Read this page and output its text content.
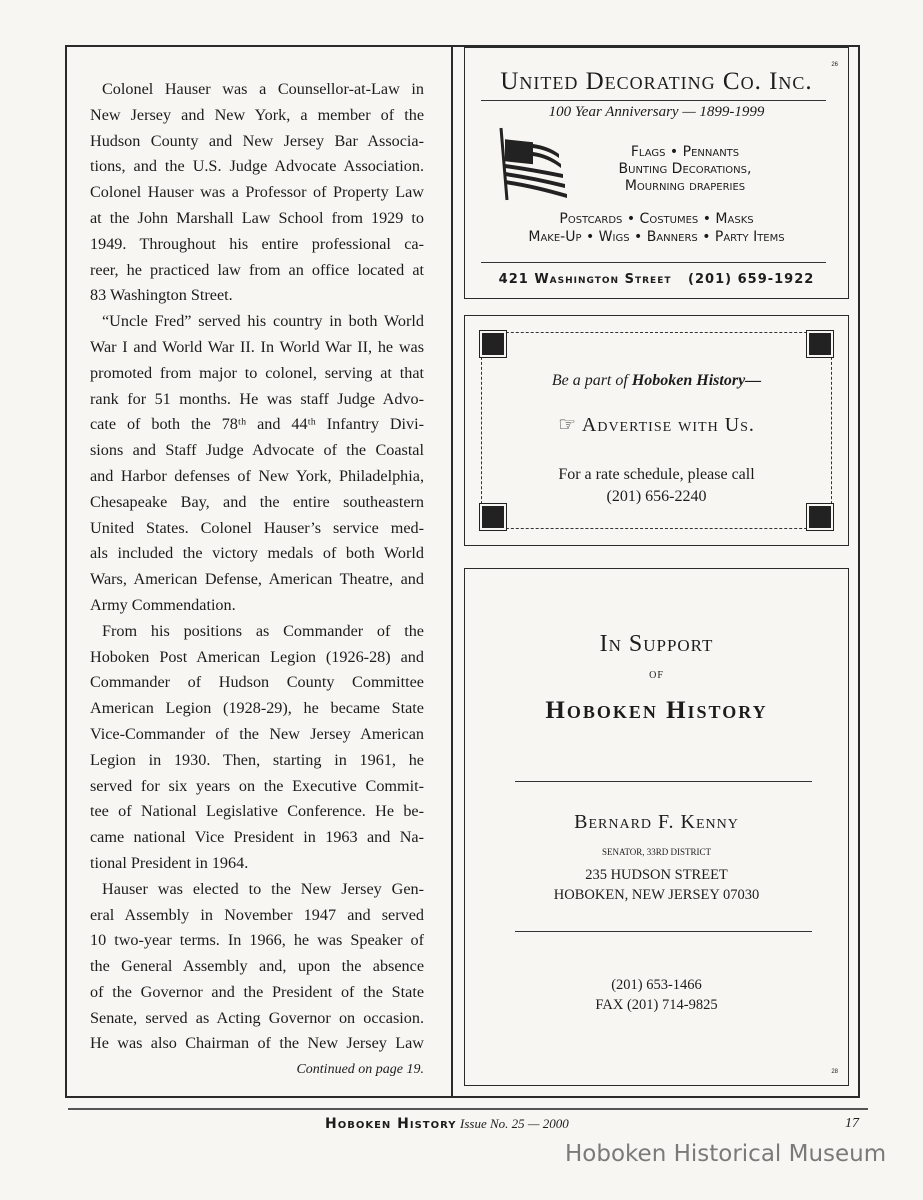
Colonel Hauser was a Counsellor-at-Law in
New Jersey and New York, a member of the
Hudson County and New Jersey Bar Associa-
tions, and the U.S. Judge Advocate Association.
Colonel Hauser was a Professor of Property Law
at the John Marshall Law School from 1929 to
1949. Throughout his entire professional ca-
reer, he practiced law from an office located at
83 Washington Street.
“Uncle Fred” served his country in both World
War I and World War II. In World War II, he was
promoted from major to colonel, serving at that
rank for 51 months. He was staff Judge Advo-
cate of both the 78ᵗʰ and 44ᵗʰ Infantry Divi-
sions and Staff Judge Advocate of the Coastal
and Harbor defenses of New York, Philadelphia,
Chesapeake Bay, and the entire southeastern
United States. Colonel Hauser’s service med-
als included the victory medals of both World
Wars, American Defense, American Theatre, and
Army Commendation.
From his positions as Commander of the
Hoboken Post American Legion (1926-28) and
Commander of Hudson County Committee
American Legion (1928-29), he became State
Vice-Commander of the New Jersey American
Legion in 1930. Then, starting in 1961, he
served for six years on the Executive Commit-
tee of National Legislative Conference. He be-
came national Vice President in 1963 and Na-
tional President in 1964.
Hauser was elected to the New Jersey Gen-
eral Assembly in November 1947 and served
10 two-year terms. In 1966, he was Speaker of
the General Assembly and, upon the absence
of the Governor and the President of the State
Senate, served as Acting Governor on occasion.
He was also Chairman of the New Jersey Law
Continued on page 19.
26
United Decorating Co. Inc.
100 Year Anniversary — 1899-1999
Flags • Pennants
Bunting Decorations,
Mourning draperies
Postcards • Costumes • Masks
Make-Up • Wigs • Banners • Party Items
421 Washington Street   (201) 659-1922
Be a part of Hoboken History—
☞ Advertise with Us.
For a rate schedule, please call
(201) 656-2240
28
In Support
of
Hoboken History
Bernard F. Kenny
SENATOR, 33RD DISTRICT
235 HUDSON STREET
HOBOKEN, NEW JERSEY 07030
(201) 653-1466
FAX (201) 714-9825
Hoboken History Issue No. 25 — 2000	17
Hoboken Historical Museum
